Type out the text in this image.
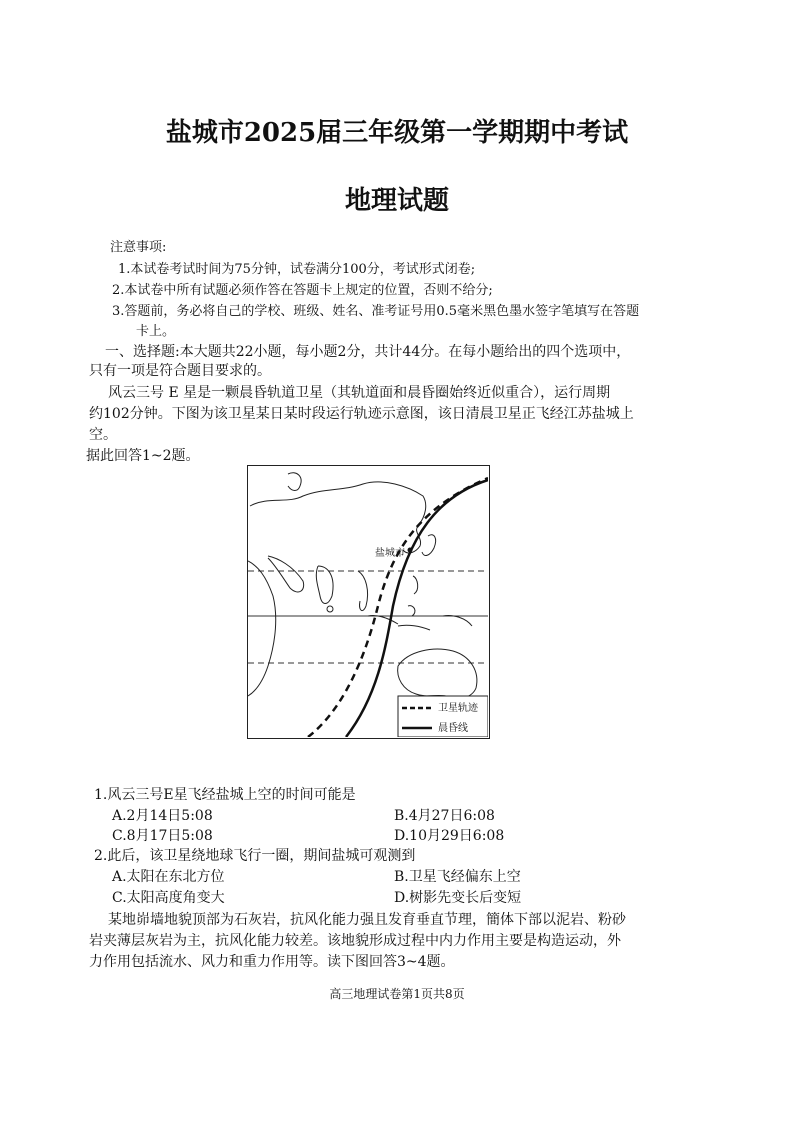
盐城市2025届三年级第一学期期中考试
地理试题
注意事项:
1.本试卷考试时间为75分钟，试卷满分100分，考试形式闭卷;
2.本试卷中所有试题必须作答在答题卡上规定的位置，否则不给分;
3.答题前，务必将自己的学校、班级、姓名、准考证号用0.5毫米黑色墨水签字笔填写在答题
卡上。
一、选择题:本大题共22小题，每小题2分，共计44分。在每小题给出的四个选项中，
只有一项是符合题目要求的。
风云三号 E 星是一颗晨昏轨道卫星（其轨道面和晨昏圈始终近似重合），运行周期
约102分钟。下图为该卫星某日某时段运行轨迹示意图，该日清晨卫星正飞经江苏盐城上
空。
据此回答1~2题。
盐城市
卫星轨迹
晨昏线
1.风云三号E星飞经盐城上空的时间可能是
A.2月14日5:08	B.4月27日6:08
C.8月17日5:08	D.10月29日6:08
2.此后，该卫星绕地球飞行一圈，期间盐城可观测到
A.太阳在东北方位	B.卫星飞经偏东上空
C.太阳高度角变大	D.树影先变长后变短
某地峁墙地貌顶部为石灰岩，抗风化能力强且发育垂直节理，簡体下部以泥岩、粉砂
岩夹薄层灰岩为主，抗风化能力较差。该地貌形成过程中内力作用主要是构造运动，外
力作用包括流水、风力和重力作用等。读下图回答3~4题。
高三地理试卷第1页共8页
